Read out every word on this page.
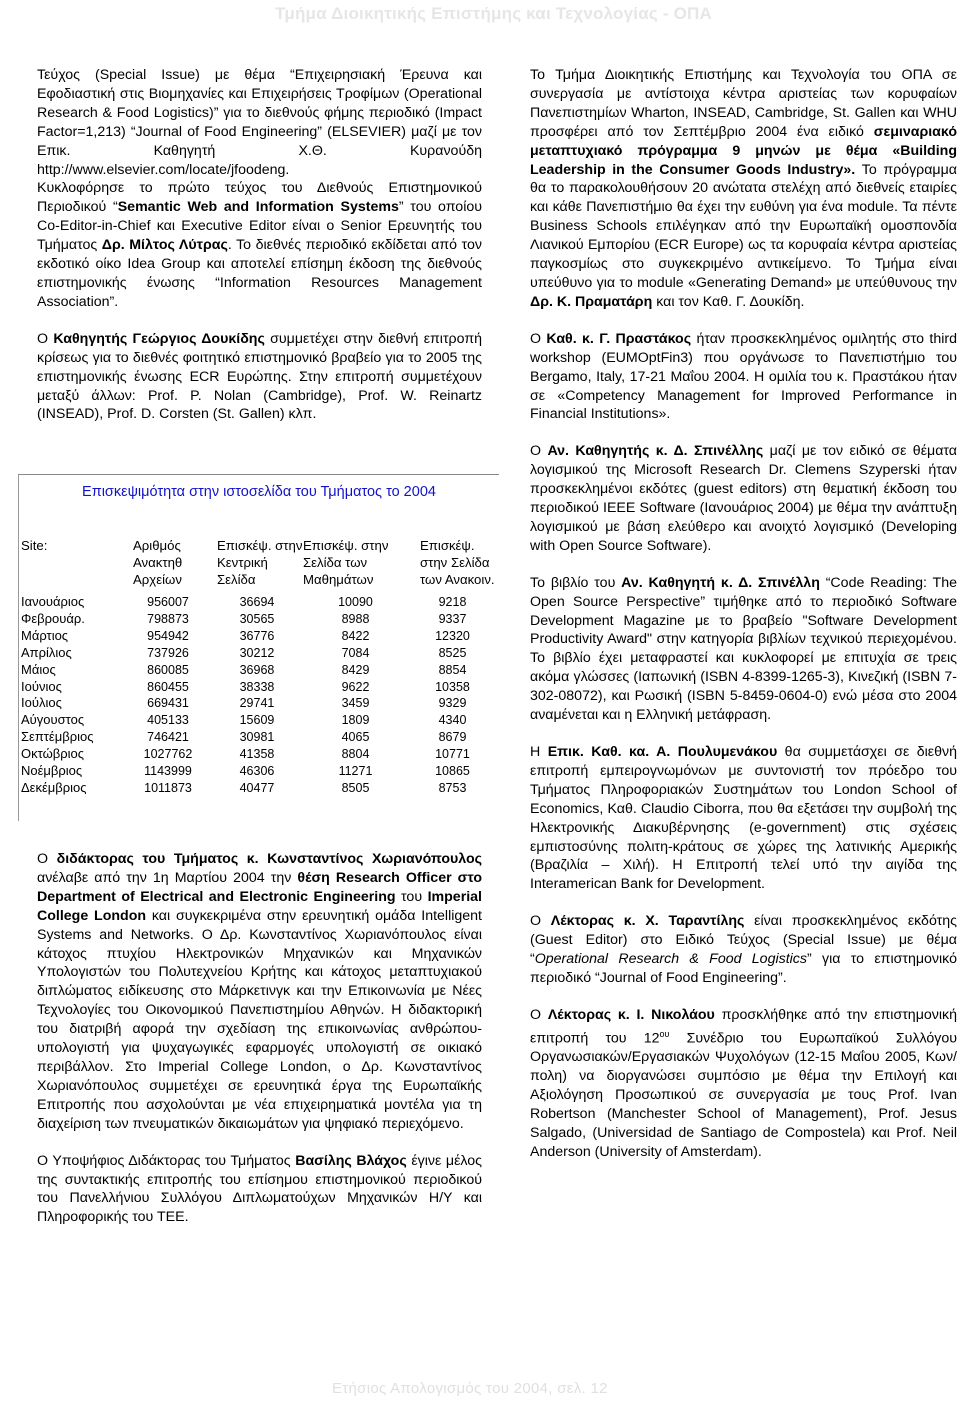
Τμήμα Διοικητικής Επιστήμης και Τεχνολογίας - ΟΠΑ

Τεύχος (Special Issue) με θέμα “Επιχειρησιακή Έρευνα και Εφοδιαστική στις Βιομηχανίες και Επιχειρήσεις Τροφίμων (Operational Research & Food Logistics)” για το διεθνούς φήμης περιοδικό (Impact Factor=1,213) “Journal of Food Engineering” (ELSEVIER) μαζί με τον Επικ. Καθηγητή Χ.Θ. Κυρανούδη http://www.elsevier.com/locate/jfoodeng.

Κυκλοφόρησε το πρώτο τεύχος του Διεθνούς Επιστημονικού Περιοδικού “Semantic Web and Information Systems” του οποίου Co-Editor-in-Chief και Executive Editor είναι ο Senior Ερευνητής του Τμήματος Δρ. Μίλτος Λύτρας. Το διεθνές περιοδικό εκδίδεται από τον εκδοτικό οίκο Idea Group και αποτελεί επίσημη έκδοση της διεθνούς επιστημονικής ένωσης “Information Resources Management Association”.

Ο Καθηγητής Γεώργιος Δουκίδης συμμετέχει στην διεθνή επιτροπή κρίσεως για το διεθνές φοιτητικό επιστημονικό βραβείο για το 2005 της επιστημονικής ένωσης ECR Ευρώπης. Στην επιτροπή συμμετέχουν μεταξύ άλλων: Prof. P. Nolan (Cambridge), Prof. W. Reinartz (INSEAD), Prof. D. Corsten (St. Gallen) κλπ.

Επισκεψιμότητα στην ιστοσελίδα του Τμήματος το 2004
Site:	Αριθμός Ανακτηθ Αρχείων	Επισκέψ. στην Κεντρική Σελίδα	Επισκέψ. στην Σελίδα των Μαθημάτων	Επισκέψ. στην Σελίδα των Ανακοιν.

Ιανουάριος	956007	36694	10090	9218
Φεβρουάρ.	798873	30565	8988	9337
Μάρτιος	954942	36776	8422	12320
Απρίλιος	737926	30212	7084	8525
Μάιος	860085	36968	8429	8854
Ιούνιος	860455	38338	9622	10358
Ιούλιος	669431	29741	3459	9329
Αύγουστος	405133	15609	1809	4340
Σεπτέμβριος	746421	30981	4065	8679
Οκτώβριος	1027762	41358	8804	10771
Νοέμβριος	1143999	46306	11271	10865
Δεκέμβριος	1011873	40477	8505	8753

Ο διδάκτορας του Τμήματος κ. Κωνσταντίνος Χωριανόπουλος ανέλαβε από την 1η Μαρτίου 2004 την θέση Research Officer στο Department of Electrical and Electronic Engineering του Imperial College London και συγκεκριμένα στην ερευνητική ομάδα Intelligent Systems and Networks. Ο Δρ. Κωνσταντίνος Χωριανόπουλος είναι κάτοχος πτυχίου Ηλεκτρονικών Μηχανικών και Μηχανικών Υπολογιστών του Πολυτεχνείου Κρήτης και κάτοχος μεταπτυχιακού διπλώματος ειδίκευσης στο Μάρκετινγκ και την Επικοινωνία με Νέες Τεχνολογίες του Οικονομικού Πανεπιστημίου Αθηνών. Η διδακτορική του διατριβή αφορά την σχεδίαση της επικοινωνίας ανθρώπου-υπολογιστή για ψυχαγωγικές εφαρμογές υπολογιστή σε οικιακό περιβάλλον. Στο Imperial College London, ο Δρ. Κωνσταντίνος Χωριανόπουλος συμμετέχει σε ερευνητικά έργα της Ευρωπαϊκής Επιτροπής που ασχολούνται με νέα επιχειρηματικά μοντέλα για τη διαχείριση των πνευματικών δικαιωμάτων για ψηφιακό περιεχόμενο.

Ο Υποψήφιος Διδάκτορας του Τμήματος Βασίλης Βλάχος έγινε μέλος της συντακτικής επιτροπής του επίσημου επιστημονικού περιοδικού του Πανελλήνιου Συλλόγου Διπλωματούχων Μηχανικών Η/Υ και Πληροφορικής του ΤΕΕ.

Το Τμήμα Διοικητικής Επιστήμης και Τεχνολογία του ΟΠΑ σε συνεργασία με αντίστοιχα κέντρα αριστείας των κορυφαίων Πανεπιστημίων Wharton, INSEAD, Cambridge, St. Gallen και WHU προσφέρει από τον Σεπτέμβριο 2004 ένα ειδικό σεμιναριακό μεταπτυχιακό πρόγραμμα 9 μηνών με θέμα «Building Leadership in the Consumer Goods Industry». Το πρόγραμμα θα το παρακολουθήσουν 20 ανώτατα στελέχη από διεθνείς εταιρίες και κάθε Πανεπιστήμιο θα έχει την ευθύνη για ένα module. Τα πέντε Business Schools επιλέγηκαν από την Ευρωπαϊκή ομοσπονδία Λιανικού Εμπορίου (ECR Europe) ως τα κορυφαία κέντρα αριστείας παγκοσμίως στο συγκεκριμένο αντικείμενο. Το Τμήμα είναι υπεύθυνο για το module «Generating Demand» με υπεύθυνους την Δρ. Κ. Πραματάρη και τον Καθ. Γ. Δουκίδη.

Ο Καθ. κ. Γ. Πραστάκος ήταν προσκεκλημένος ομιλητής στο third workshop (EUMOptFin3) που οργάνωσε το Πανεπιστήμιο του Bergamo, Italy, 17-21 Μαΐου 2004. Η ομιλία του κ. Πραστάκου ήταν σε «Competency Management for Improved Performance in Financial Institutions».

Ο Αν. Καθηγητής κ. Δ. Σπινέλλης μαζί με τον ειδικό σε θέματα λογισμικού της Microsoft Research Dr. Clemens Szyperski ήταν προσκεκλημένοι εκδότες (guest editors) στη θεματική έκδοση του περιοδικού IEEE Software (Ιανουάριος 2004) με θέμα την ανάπτυξη λογισμικού με βάση ελεύθερο και ανοιχτό λογισμικό (Developing with Open Source Software).

Το βιβλίο του Αν. Καθηγητή κ. Δ. Σπινέλλη “Code Reading: The Open Source Perspective” τιμήθηκε από το περιοδικό Software Development Magazine με το βραβείο "Software Development Productivity Award" στην κατηγορία βιβλίων τεχνικού περιεχομένου. Το βιβλίο έχει μεταφραστεί και κυκλοφορεί με επιτυχία σε τρεις ακόμα γλώσσες (Ιαπωνική (ISBN 4-8399-1265-3), Κινεζική (ISBN 7-302-08072), και Ρωσική (ISBN 5-8459-0604-0) ενώ μέσα στο 2004 αναμένεται και η Ελληνική μετάφραση.

Η Επικ. Καθ. κα. Α. Πουλυμενάκου θα συμμετάσχει σε διεθνή επιτροπή εμπειρογνωμόνων με συντονιστή τον πρόεδρο του Τμήματος Πληροφοριακών Συστημάτων του London School of Economics, Καθ. Claudio Ciborra, που θα εξετάσει την συμβολή της Ηλεκτρονικής Διακυβέρνησης (e-government) στις σχέσεις εμπιστοσύνης πολιτη-κράτους σε χώρες της λατινικής Αμερικής (Βραζιλία – Χιλή). Η Επιτροπή τελεί υπό την αιγίδα της Interamerican Bank for Development.

Ο Λέκτορας κ. Χ. Ταραντίλης είναι προσκεκλημένος εκδότης (Guest Editor) στο Ειδικό Τεύχος (Special Issue) με θέμα “Operational Research & Food Logistics” για το επιστημονικό περιοδικό “Journal of Food Engineering”.

Ο Λέκτορας κ. Ι. Νικολάου προσκλήθηκε από την επιστημονική επιτροπή του $12^{o\upsilon}$ Συνέδριο του Ευρωπαϊκού Συλλόγου Οργανωσιακών/Εργασιακών Ψυχολόγων (12-15 Μαΐου 2005, Κων/πολη) να διοργανώσει συμπόσιο με θέμα την Επιλογή και Αξιολόγηση Προσωπικού σε συνεργασία με τους Prof. Ivan Robertson (Manchester School of Management), Prof. Jesus Salgado, (Universidad de Santiago de Compostela) και Prof. Neil Anderson (University of Amsterdam).

Ετήσιος Απολογισμός του 2004, σελ. 12
